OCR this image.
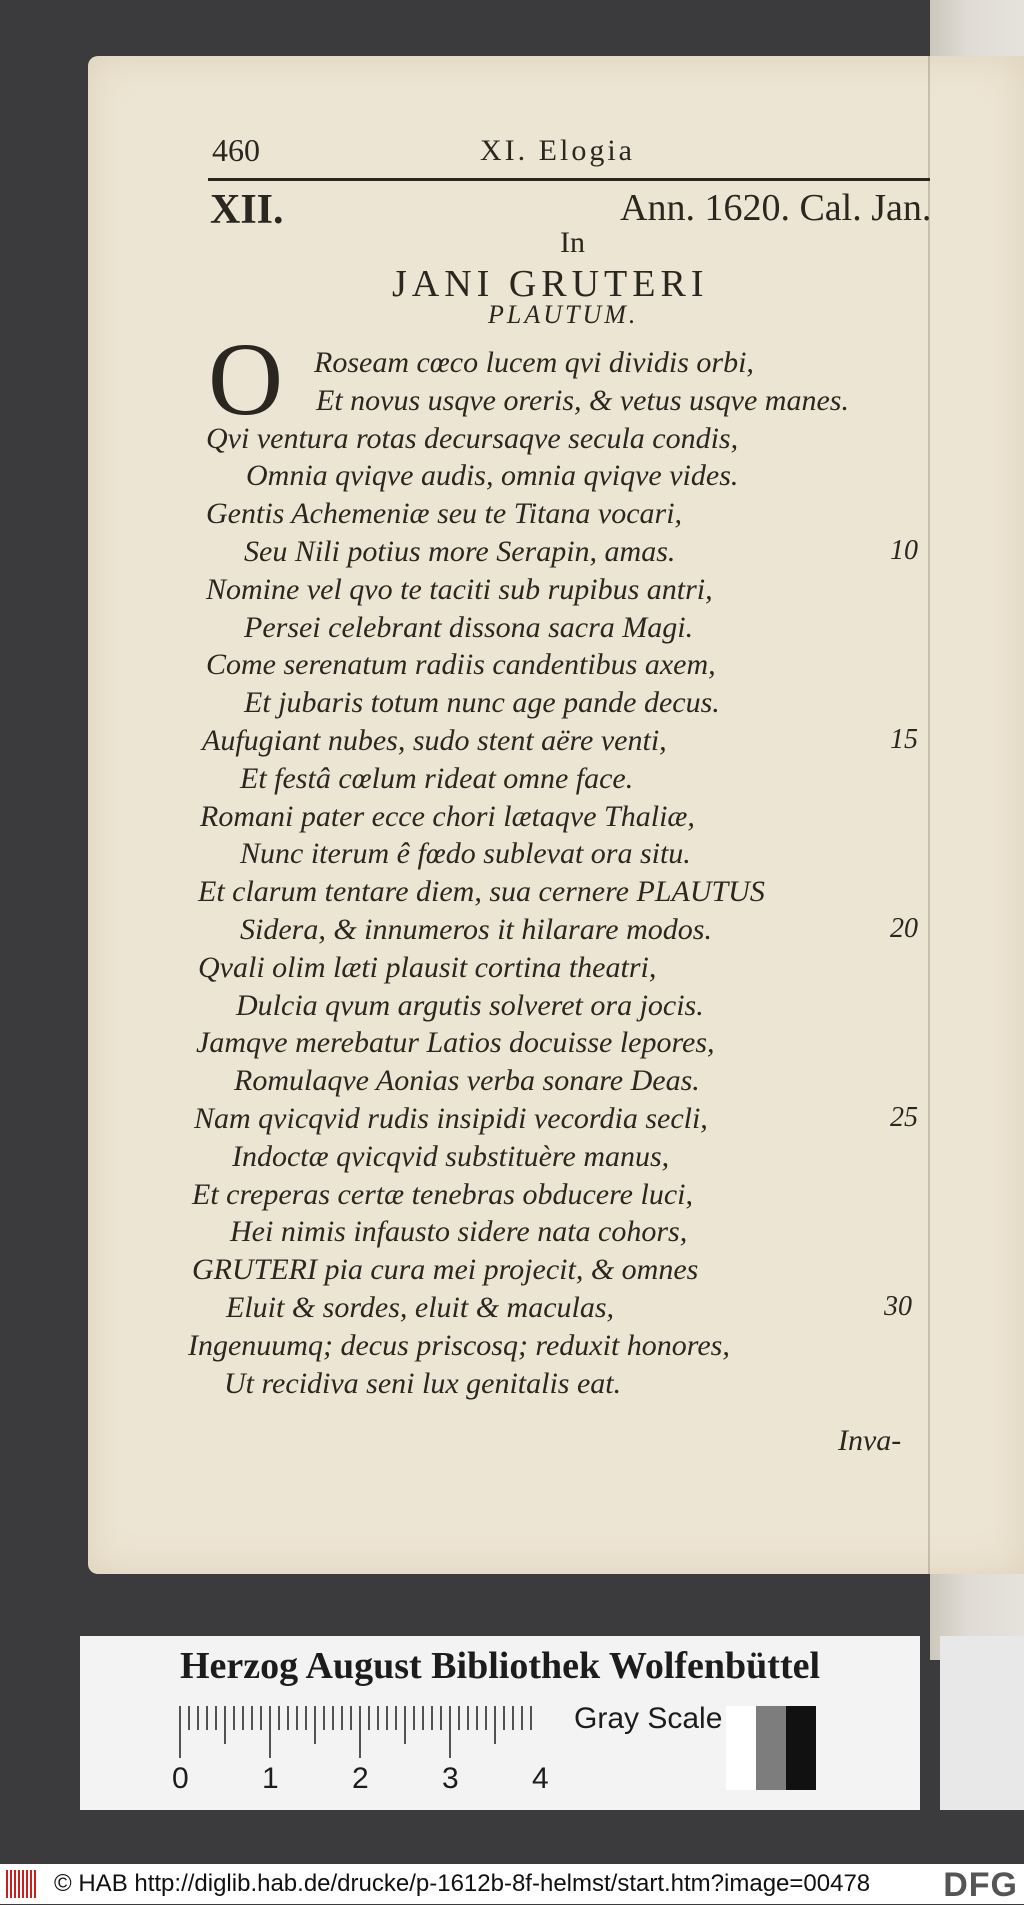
460	XI. Elogia
XII.	Ann. 1620. Cal. Jan.
In
JANI GRUTERI
PLAUTUM.
O Roseam cœco lucem qvi dividis orbi,
Et novus usqve oreris, & vetus usqve manes.
Qvi ventura rotas decursaqve secula condis,
Omnia qviqve audis, omnia qviqve vides.
Gentis Achemeniæ seu te Titana vocari,
Seu Nili potius more Serapin, amas.	10
Nomine vel qvo te taciti sub rupibus antri,
Persei celebrant dissona sacra Magi.
Come serenatum radiis candentibus axem,
Et jubaris totum nunc age pande decus.
Aufugiant nubes, sudo stent aëre venti,	15
Et festâ cœlum rideat omne face.
Romani pater ecce chori lætaqve Thaliæ,
Nunc iterum ê fœdo sublevat ora situ.
Et clarum tentare diem, sua cernere PLAUTUS
Sidera, & innumeros it hilarare modos.	20
Qvali olim læti plausit cortina theatri,
Dulcia qvum argutis solveret ora jocis.
Jamqve merebatur Latios docuisse lepores,
Romulaqve Aonias verba sonare Deas.
Nam qvicqvid rudis insipidi vecordia secli,	25
Indoctæ qvicqvid substituère manus,
Et creperas certæ tenebras obducere luci,
Hei nimis infausto sidere nata cohors,
GRUTERI pia cura mei projecit, & omnes
Eluit & sordes, eluit & maculas,	30
Ingenuumq; decus priscosq; reduxit honores,
Ut recidiva seni lux genitalis eat.
Inva-
Herzog August Bibliothek Wolfenbüttel
Gray Scale
0 1 2 3 4
© HAB http://diglib.hab.de/drucke/p-1612b-8f-helmst/start.htm?image=00478 DFG
